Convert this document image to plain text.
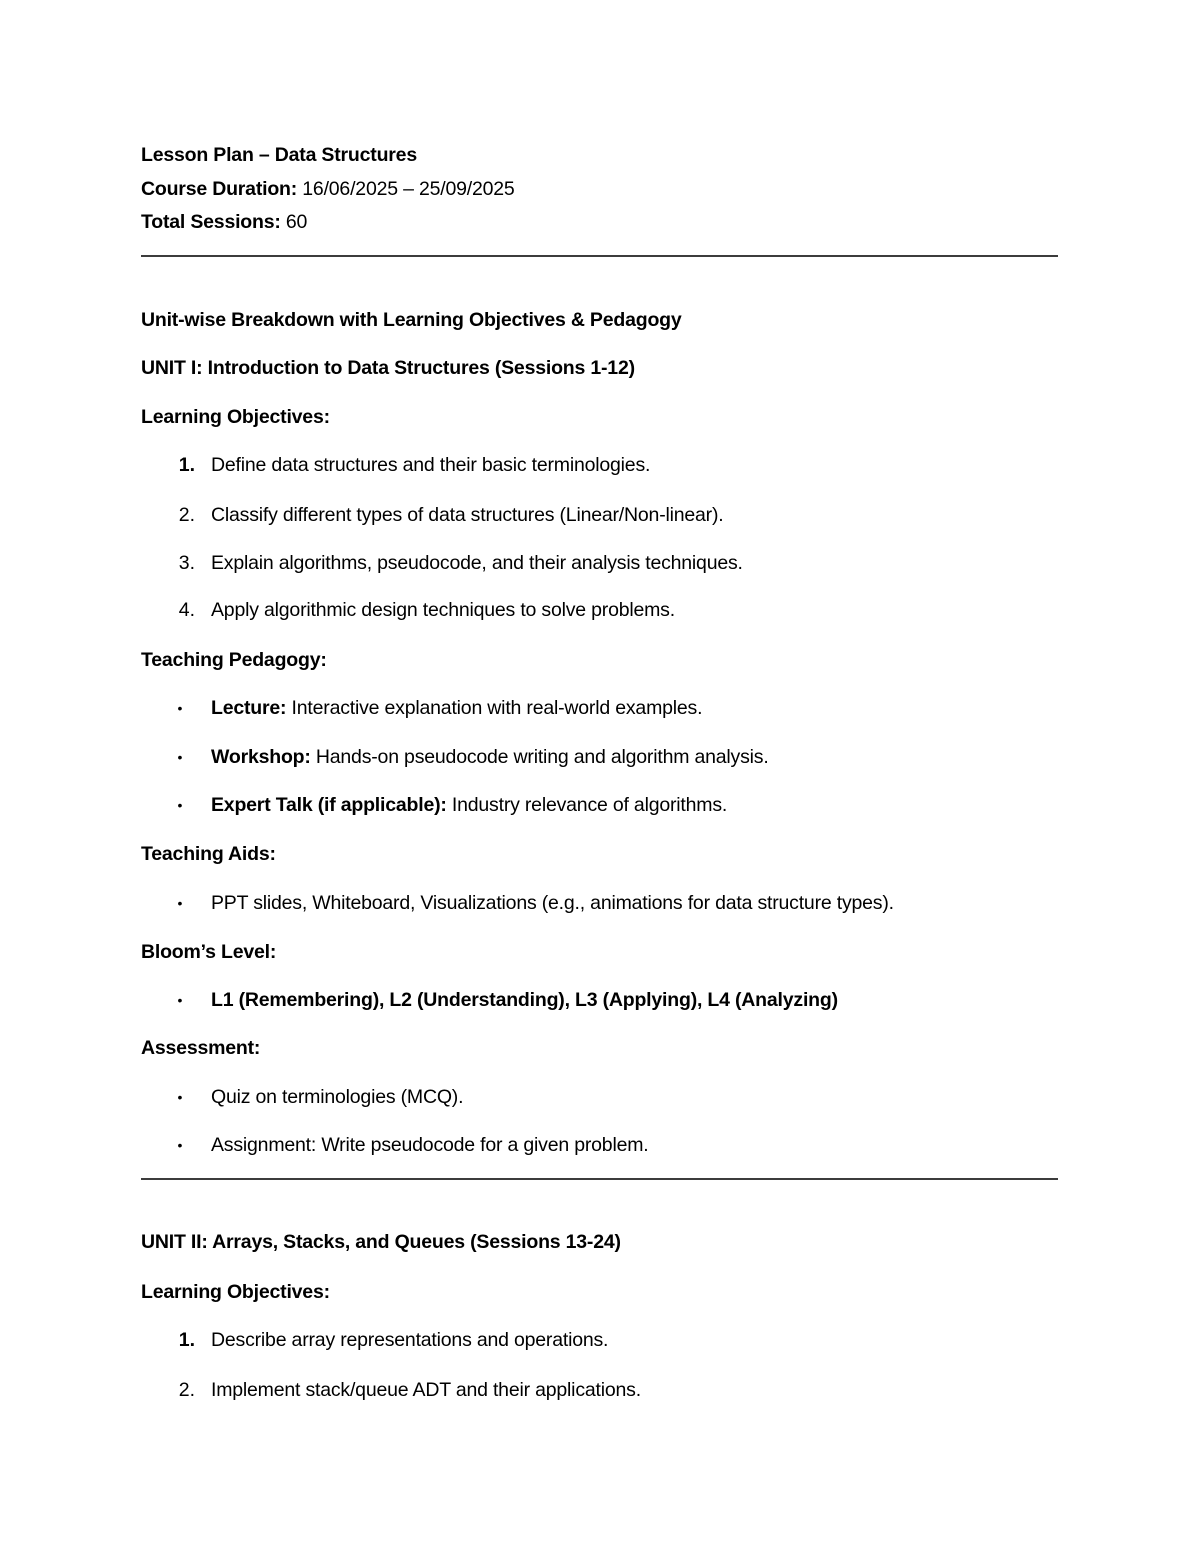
Lesson Plan – Data Structures
Course Duration: 16/06/2025 – 25/09/2025
Total Sessions: 60
Unit-wise Breakdown with Learning Objectives & Pedagogy
UNIT I: Introduction to Data Structures (Sessions 1-12)
Learning Objectives:
1. Define data structures and their basic terminologies.
2. Classify different types of data structures (Linear/Non-linear).
3. Explain algorithms, pseudocode, and their analysis techniques.
4. Apply algorithmic design techniques to solve problems.
Teaching Pedagogy:
•	Lecture: Interactive explanation with real-world examples.
•	Workshop: Hands-on pseudocode writing and algorithm analysis.
•	Expert Talk (if applicable): Industry relevance of algorithms.
Teaching Aids:
•	PPT slides, Whiteboard, Visualizations (e.g., animations for data structure types).
Bloom’s Level:
•	L1 (Remembering), L2 (Understanding), L3 (Applying), L4 (Analyzing)
Assessment:
•	Quiz on terminologies (MCQ).
•	Assignment: Write pseudocode for a given problem.
UNIT II: Arrays, Stacks, and Queues (Sessions 13-24)
Learning Objectives:
1. Describe array representations and operations.
2. Implement stack/queue ADT and their applications.
